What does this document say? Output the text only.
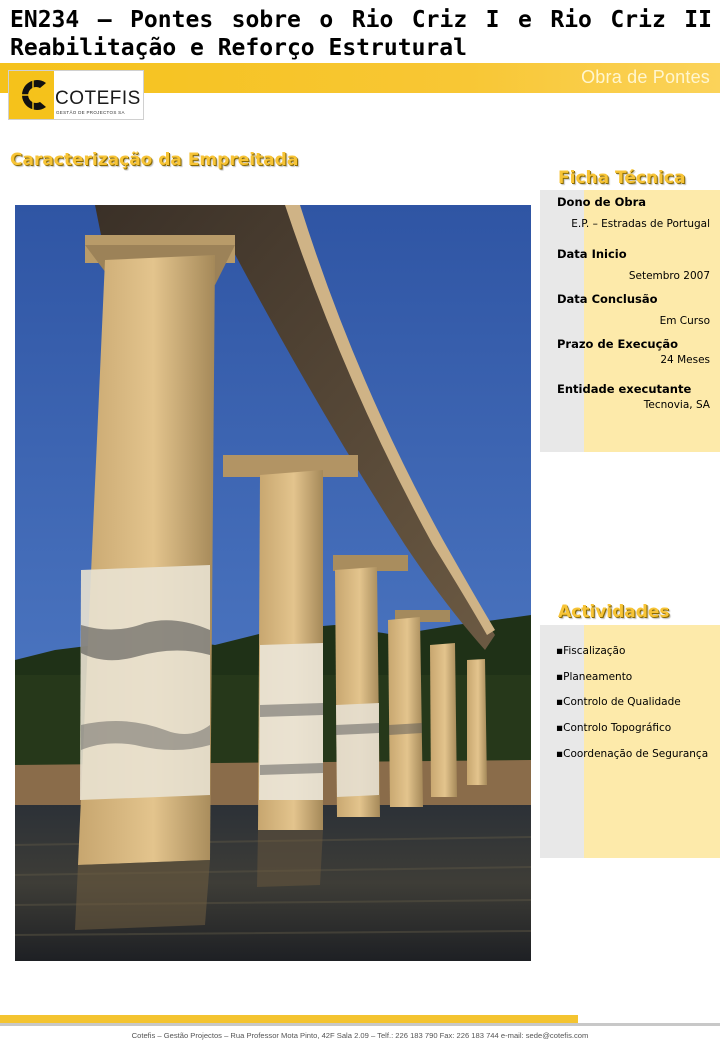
EN234 – Pontes sobre o Rio Criz I e Rio Criz II
Reabilitação e Reforço Estrutural
Obra de Pontes
COTEFIS
GESTÃO DE PROJECTOS SA
Caracterização da Empreitada
Ficha Técnica
Dono de Obra
E.P. – Estradas de Portugal
Data Inicio
Setembro 2007
Data Conclusão
Em Curso
Prazo de Execução
24 Meses
Entidade executante
Tecnovia, SA
Actividades
▪Fiscalização
▪Planeamento
▪Controlo de Qualidade
▪Controlo Topográfico
▪Coordenação de Segurança
Cotefis – Gestão Projectos – Rua Professor Mota Pinto, 42F Sala 2.09 – Telf.: 226 183 790 Fax: 226 183 744 e-mail: sede@cotefis.com
